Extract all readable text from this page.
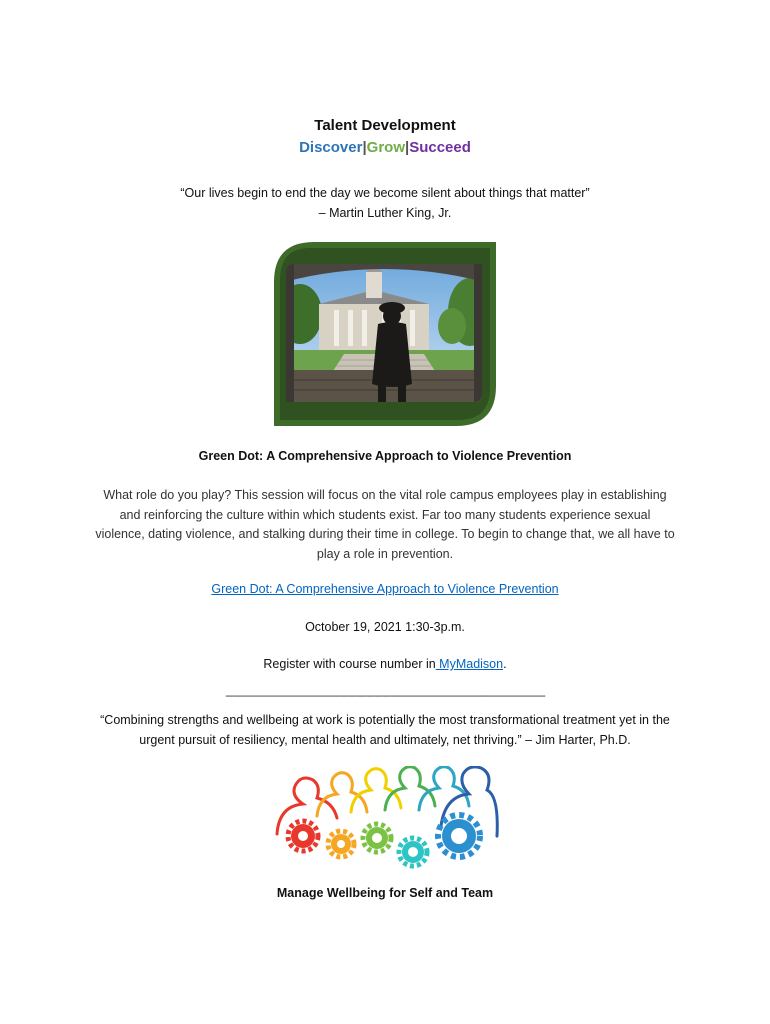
Talent Development
Discover|Grow|Succeed
“Our lives begin to end the day we become silent about things that matter”
– Martin Luther King, Jr.
Green Dot: A Comprehensive Approach to Violence Prevention
What role do you play? This session will focus on the vital role campus employees play in establishing and reinforcing the culture within which students exist. Far too many students experience sexual violence, dating violence, and stalking during their time in college. To begin to change that, we all have to play a role in prevention.
Green Dot: A Comprehensive Approach to Violence Prevention
October 19, 2021 1:30-3p.m.
Register with course number in MyMadison.
------------------------------------------------------------------------------------------------------------------------
“Combining strengths and wellbeing at work is potentially the most transformational treatment yet in the urgent pursuit of resiliency, mental health and ultimately, net thriving.” – Jim Harter, Ph.D.
Manage Wellbeing for Self and Team
